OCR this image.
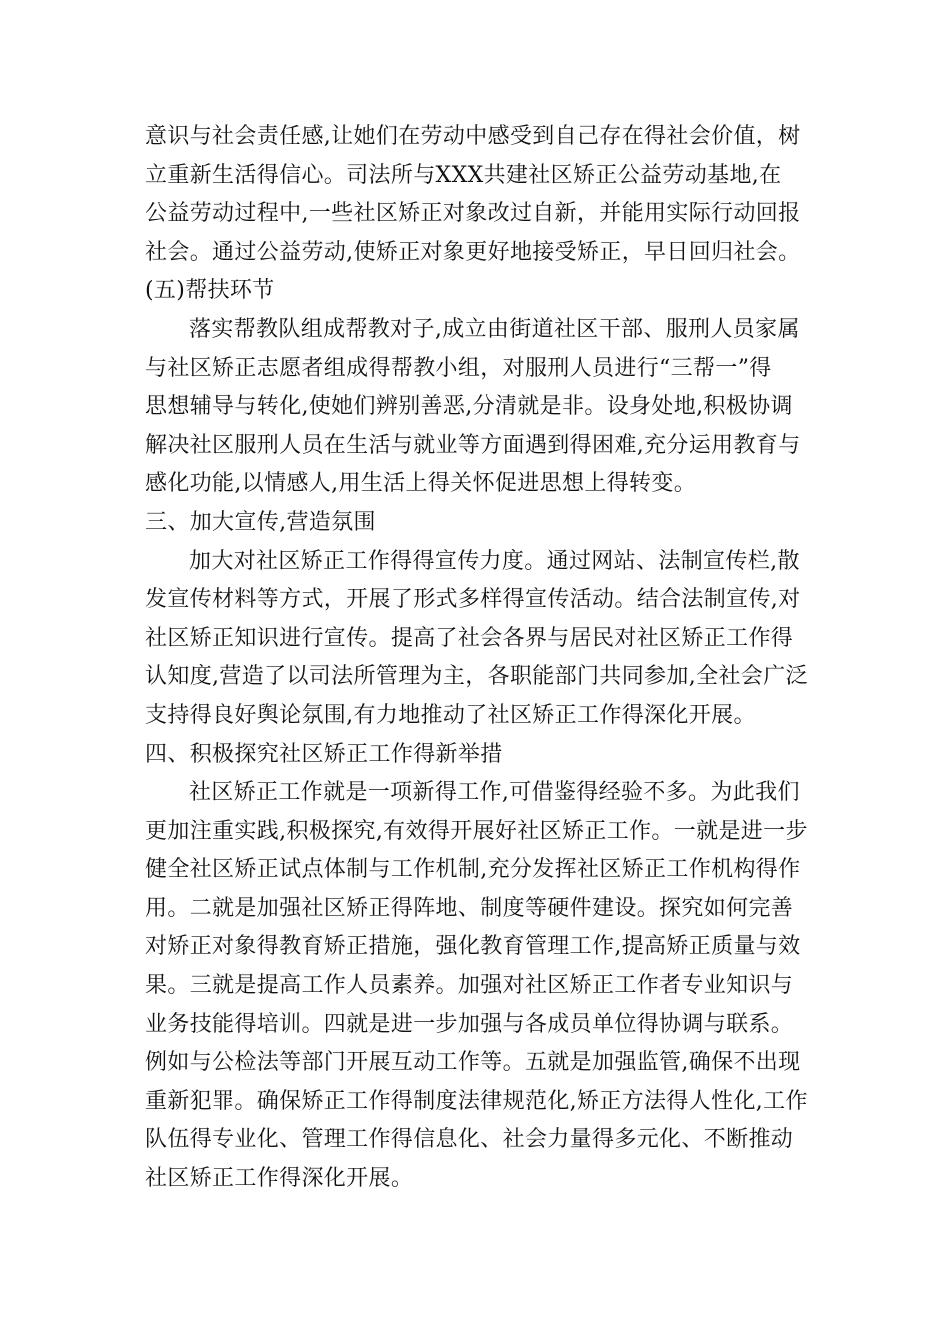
意识与社会责任感,让她们在劳动中感受到自己存在得社会价值，树
立重新生活得信心。司法所与XXX共建社区矫正公益劳动基地,在
公益劳动过程中,一些社区矫正对象改过自新，并能用实际行动回报
社会。通过公益劳动,使矫正对象更好地接受矫正，早日回归社会。
(五)帮扶环节
落实帮教队组成帮教对子,成立由街道社区干部、服刑人员家属
与社区矫正志愿者组成得帮教小组，对服刑人员进行“三帮一”得
思想辅导与转化,使她们辨别善恶,分清就是非。设身处地,积极协调
解决社区服刑人员在生活与就业等方面遇到得困难,充分运用教育与
感化功能,以情感人,用生活上得关怀促进思想上得转变。
三、加大宣传,营造氛围
加大对社区矫正工作得得宣传力度。通过网站、法制宣传栏,散
发宣传材料等方式，开展了形式多样得宣传活动。结合法制宣传,对
社区矫正知识进行宣传。提高了社会各界与居民对社区矫正工作得
认知度,营造了以司法所管理为主，各职能部门共同参加,全社会广泛
支持得良好舆论氛围,有力地推动了社区矫正工作得深化开展。
四、积极探究社区矫正工作得新举措
社区矫正工作就是一项新得工作,可借鉴得经验不多。为此我们
更加注重实践,积极探究,有效得开展好社区矫正工作。一就是进一步
健全社区矫正试点体制与工作机制,充分发挥社区矫正工作机构得作
用。二就是加强社区矫正得阵地、制度等硬件建设。探究如何完善
对矫正对象得教育矫正措施，强化教育管理工作,提高矫正质量与效
果。三就是提高工作人员素养。加强对社区矫正工作者专业知识与
业务技能得培训。四就是进一步加强与各成员单位得协调与联系。
例如与公检法等部门开展互动工作等。五就是加强监管,确保不出现
重新犯罪。确保矫正工作得制度法律规范化,矫正方法得人性化,工作
队伍得专业化、管理工作得信息化、社会力量得多元化、不断推动
社区矫正工作得深化开展。
